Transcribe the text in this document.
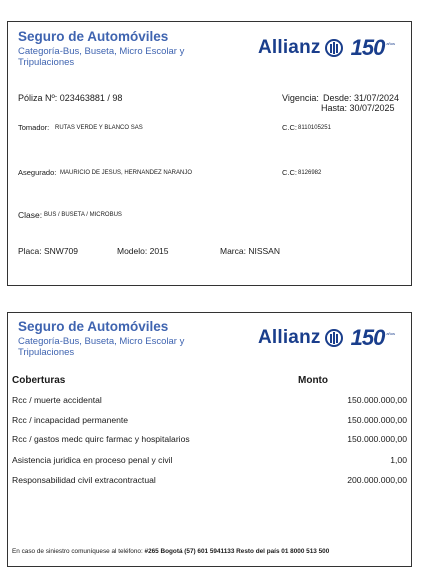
Seguro de Automóviles
Categoría-Bus, Buseta, Micro Escolar y Tripulaciones
Allianz 150 años
Póliza Nº: 023463881 / 98	Vigencia: Desde: 31/07/2024
Hasta: 30/07/2025
Tomador: RUTAS VERDE Y BLANCO SAS	C.C: 8110105251
Asegurado: MAURICIO DE JESUS, HERNANDEZ NARANJO	C.C: 8126982
Clase: BUS / BUSETA / MICROBUS
Placa: SNW709	Modelo: 2015	Marca: NISSAN
Seguro de Automóviles
Categoría-Bus, Buseta, Micro Escolar y Tripulaciones
Allianz 150 años
Coberturas	Monto
Rcc / muerte accidental	150.000.000,00
Rcc / incapacidad permanente	150.000.000,00
Rcc / gastos medc quirc farmac y hospitalarios	150.000.000,00
Asistencia juridica en proceso penal y civil	1,00
Responsabilidad civil extracontractual	200.000.000,00
En caso de siniestro comuníquese al teléfono: #265 Bogotá (57) 601 5941133 Resto del país 01 8000 513 500
